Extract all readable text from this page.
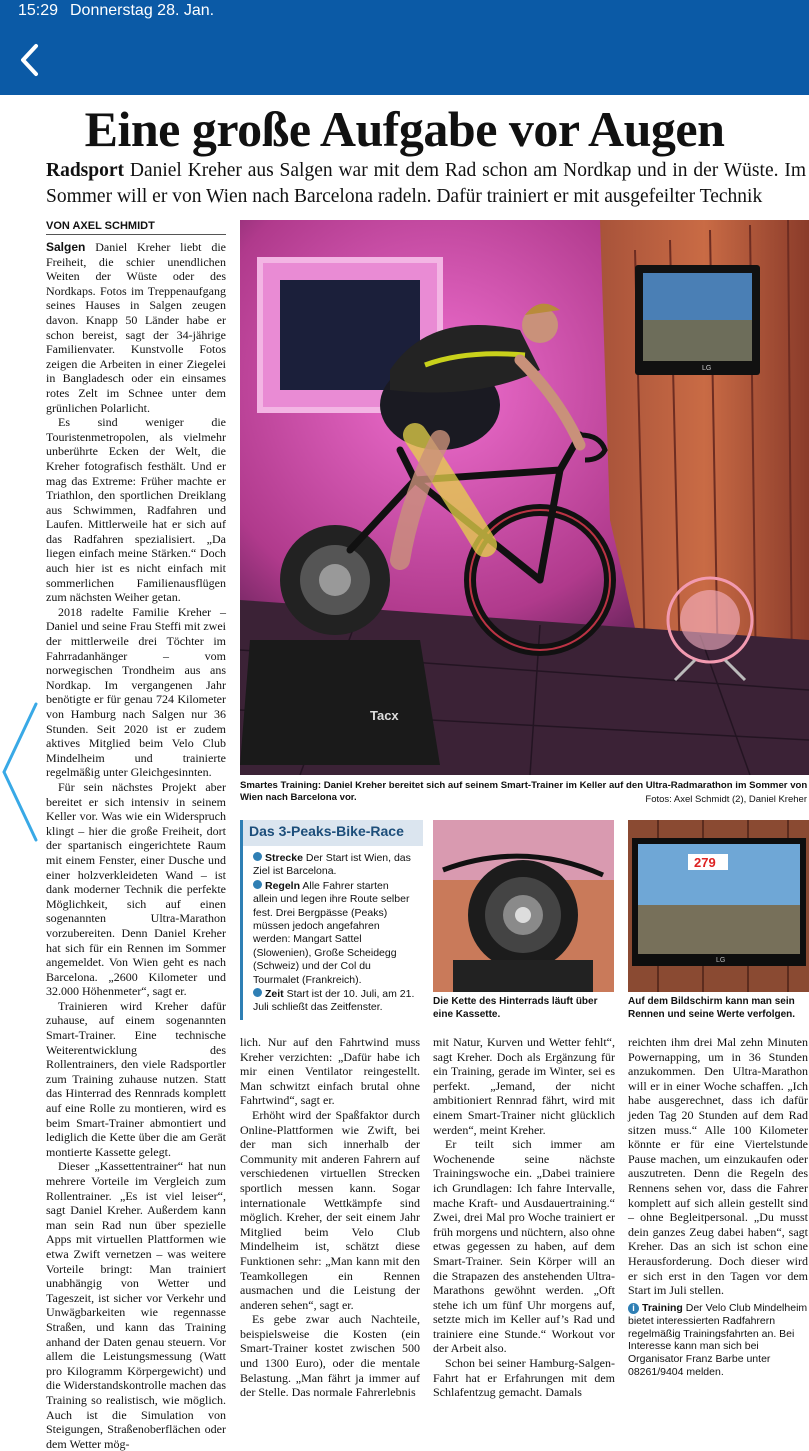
15:29 Donnerstag 28. Jan.
Eine große Aufgabe vor Augen
Radsport Daniel Kreher aus Salgen war mit dem Rad schon am Nordkap und in der Wüste. Im Sommer will er von Wien nach Barcelona radeln. Dafür trainiert er mit ausgefeilter Technik
VON AXEL SCHMIDT

Salgen Daniel Kreher liebt die Freiheit, die schier unendlichen Weiten der Wüste oder des Nordkaps. Fotos im Treppenaufgang seines Hauses in Salgen zeugen davon. Knapp 50 Länder habe er schon bereist, sagt der 34-jährige Familienvater. Kunstvolle Fotos zeigen die Arbeiten in einer Ziegelei in Bangladesch oder ein einsames rotes Zelt im Schnee unter dem grünlichen Polarlicht.

Es sind weniger die Touristenmetropolen, als vielmehr unberührte Ecken der Welt, die Kreher fotografisch festhält. Und er mag das Extreme: Früher machte er Triathlon, den sportlichen Dreiklang aus Schwimmen, Radfahren und Laufen. Mittlerweile hat er sich auf das Radfahren spezialisiert. „Da liegen einfach meine Stärken.“ Doch auch hier ist es nicht einfach mit sommerlichen Familienausflügen zum nächsten Weiher getan.

2018 radelte Familie Kreher – Daniel und seine Frau Steffi mit zwei der mittlerweile drei Töchter im Fahrradanhänger – vom norwegischen Trondheim aus ans Nordkap. Im vergangenen Jahr benötigte er für genau 724 Kilometer von Hamburg nach Salgen nur 36 Stunden. Seit 2020 ist er zudem aktives Mitglied beim Velo Club Mindelheim und trainierte regelmäßig unter Gleichgesinnten.

Für sein nächstes Projekt aber bereitet er sich intensiv in seinem Keller vor. Was wie ein Widerspruch klingt – hier die große Freiheit, dort der spartanisch eingerichtete Raum mit einem Fenster, einer Dusche und einer holzverkleideten Wand – ist dank moderner Technik die perfekte Möglichkeit, sich auf einen sogenannten Ultra-Marathon vorzubereiten. Denn Daniel Kreher hat sich für ein Rennen im Sommer angemeldet. Von Wien geht es nach Barcelona. „2600 Kilometer und 32.000 Höhenmeter“, sagt er.

Trainieren wird Kreher dafür zuhause, auf einem sogenannten Smart-Trainer. Eine technische Weiterentwicklung des Rollentrainers, den viele Radsportler zum Training zuhause nutzen. Statt das Hinterrad des Rennrads komplett auf eine Rolle zu montieren, wird es beim Smart-Trainer abmontiert und lediglich die Kette über die am Gerät montierte Kassette gelegt.

Dieser „Kassettentrainer“ hat nun mehrere Vorteile im Vergleich zum Rollentrainer. „Es ist viel leiser“, sagt Daniel Kreher. Außerdem kann man sein Rad nun über spezielle Apps mit virtuellen Plattformen wie etwa Zwift vernetzen – was weitere Vorteile bringt: Man trainiert unabhängig von Wetter und Tageszeit, ist sicher vor Verkehr und Unwägbarkeiten wie regennasse Straßen, und kann das Training anhand der Daten genau steuern. Vor allem die Leistungsmessung (Watt pro Kilogramm Körpergewicht) und die Widerstandskontrolle machen das Training so realistisch, wie möglich. Auch ist die Simulation von Steigungen, Straßenoberflächen oder dem Wetter mög-

LG
Tacx
Smartes Training: Daniel Kreher bereitet sich auf seinem Smart-Trainer im Keller auf den Ultra-Radmarathon im Sommer von Wien nach Barcelona vor.	Fotos: Axel Schmidt (2), Daniel Kreher
Das 3-Peaks-Bike-Race
Strecke Der Start ist Wien, das Ziel ist Barcelona.
Regeln Alle Fahrer starten allein und legen ihre Route selber fest. Drei Bergpässe (Peaks) müssen jedoch angefahren werden: Mangart Sattel (Slowenien), Große Scheidegg (Schweiz) und der Col du Tourmalet (Frankreich).
Zeit Start ist der 10. Juli, am 21. Juli schließt das Zeitfenster.
279
LG
Die Kette des Hinterrads läuft über eine Kassette.
Auf dem Bildschirm kann man sein Rennen und seine Werte verfolgen.

lich. Nur auf den Fahrtwind muss Kreher verzichten: „Dafür habe ich mir einen Ventilator reingestellt. Man schwitzt einfach brutal ohne Fahrtwind“, sagt er.

Erhöht wird der Spaßfaktor durch Online-Plattformen wie Zwift, bei der man sich innerhalb der Community mit anderen Fahrern auf verschiedenen virtuellen Strecken sportlich messen kann. Sogar internationale Wettkämpfe sind möglich. Kreher, der seit einem Jahr Mitglied beim Velo Club Mindelheim ist, schätzt diese Funktionen sehr: „Man kann mit den Teamkollegen ein Rennen ausmachen und die Leistung der anderen sehen“, sagt er.

Es gebe zwar auch Nachteile, beispielsweise die Kosten (ein Smart-Trainer kostet zwischen 500 und 1300 Euro), oder die mentale Belastung. „Man fährt ja immer auf der Stelle. Das normale Fahrerlebnis

mit Natur, Kurven und Wetter fehlt“, sagt Kreher. Doch als Ergänzung für ein Training, gerade im Winter, sei es perfekt. „Jemand, der nicht ambitioniert Rennrad fährt, wird mit einem Smart-Trainer nicht glücklich werden“, meint Kreher.

Er teilt sich immer am Wochenende seine nächste Trainingswoche ein. „Dabei trainiere ich Grundlagen: Ich fahre Intervalle, mache Kraft- und Ausdauertraining.“ Zwei, drei Mal pro Woche trainiert er früh morgens und nüchtern, also ohne etwas gegessen zu haben, auf dem Smart-Trainer. Sein Körper will an die Strapazen des anstehenden Ultra-Marathons gewöhnt werden. „Oft stehe ich um fünf Uhr morgens auf, setzte mich im Keller auf’s Rad und trainiere eine Stunde.“ Workout vor der Arbeit also.

Schon bei seiner Hamburg-Salgen-Fahrt hat er Erfahrungen mit dem Schlafentzug gemacht. Damals

reichten ihm drei Mal zehn Minuten Powernapping, um in 36 Stunden anzukommen. Den Ultra-Marathon will er in einer Woche schaffen. „Ich habe ausgerechnet, dass ich dafür jeden Tag 20 Stunden auf dem Rad sitzen muss.“ Alle 100 Kilometer könnte er für eine Viertelstunde Pause machen, um einzukaufen oder auszutreten. Denn die Regeln des Rennens sehen vor, dass die Fahrer komplett auf sich allein gestellt sind – ohne Begleitpersonal. „Du musst dein ganzes Zeug dabei haben“, sagt Kreher. Das an sich ist schon eine Herausforderung. Doch dieser wird er sich erst in den Tagen vor dem Start im Juli stellen.

i Training Der Velo Club Mindelheim bietet interessierten Radfahrern regelmäßig Trainingsfahrten an. Bei Interesse kann man sich bei Organisator Franz Barbe unter 08261/9404 melden.
